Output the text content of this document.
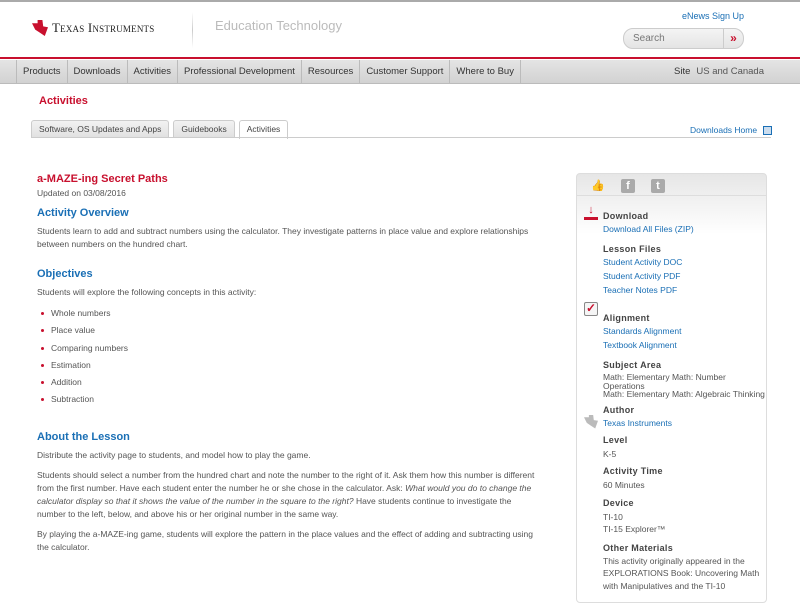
Texas Instruments	Education Technology
eNews Sign Up
Search	»
Products	Downloads	Activities	Professional Development	Resources	Customer Support	Where to Buy	Site US and Canada
Activities
Software, OS Updates and Apps	Guidebooks	Activities	Downloads Home
a-MAZE-ing Secret Paths
Updated on 03/08/2016
Activity Overview

Students learn to add and subtract numbers using the calculator. They investigate patterns in place value and explore relationships between numbers on the hundred chart.

Objectives

Students will explore the following concepts in this activity:

Whole numbers
Place value
Comparing numbers
Estimation
Addition
Subtraction
About the Lesson

Distribute the activity page to students, and model how to play the game.

Students should select a number from the hundred chart and note the number to the right of it. Ask them how this number is different from the first number. Have each student enter the number he or she chose in the calculator. Ask: What would you do to change the calculator display so that it shows the value of the number in the square to the right? Have students continue to investigate the number to the left, below, and above his or her original number in the same way.

By playing the a-MAZE-ing game, students will explore the pattern in the place values and the effect of adding and subtracting using the calculator.

👍	f	t
↓	Download
Download All Files (ZIP)
Lesson Files
Student Activity DOC
Student Activity PDF
Teacher Notes PDF
✓
Alignment
Standards Alignment
Textbook Alignment
Subject Area
Math: Elementary Math: Number Operations
Math: Elementary Math: Algebraic Thinking
Author
Texas Instruments
Level
K-5
Activity Time
60 Minutes
Device
TI-10
TI-15 Explorer™
Other Materials
This activity originally appeared in the EXPLORATIONS Book: Uncovering Math with Manipulatives and the TI-10
